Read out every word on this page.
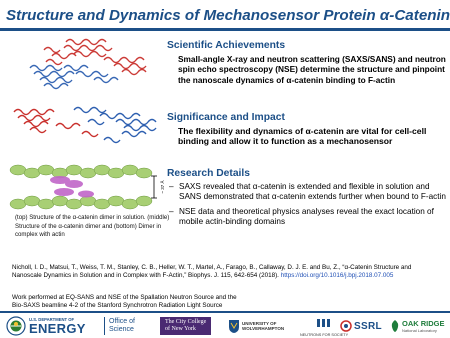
Structure and Dynamics of Mechanosensor Protein α-Catenin
~ 37 Å
(top) Structure of the α-catenin dimer in solution. (middle) Structure of the α-catenin dimer and (bottom) Dimer in complex with actin
Scientific Achievements
Small-angle X-ray and neutron scattering (SAXS/SANS) and neutron spin echo spectroscopy (NSE) determine the structure and pinpoint the nanoscale dynamics of α-catenin binding to F-actin
Significance and Impact
The flexibility and dynamics of α-catenin are vital for cell-cell binding and allow it to function as a mechanosensor
Research Details
– SAXS revealed that α-catenin is extended and flexible in solution and SANS demonstrated that α-catenin extends further when bound to F-actin
– NSE data and theoretical physics analyses reveal the exact location of mobile actin-binding domains
Nicholl, I. D., Matsui, T., Weiss, T. M., Stanley, C. B., Heller, W. T., Martel, A., Farago, B., Callaway, D. J. E. and Bu, Z., “α-Catenin Structure and Nanoscale Dynamics in Solution and in Complex with F-Actin,” Biophys. J. 115, 642-654 (2018). https://doi.org/10.1016/j.bpj.2018.07.005
Work performed at EQ-SANS and NSE of the Spallation Neutron Source and the
Bio-SAXS beamline 4-2 of the Stanford Synchrotron Radiation Light Source
U.S. DEPARTMENT OF
ENERGY	Office of
Science
The City College
of New York
UNIVERSITY OF
WOLVERHAMPTON
NEUTRONS FOR SOCIETY
SSRL	OAK RIDGE
National Laboratory
